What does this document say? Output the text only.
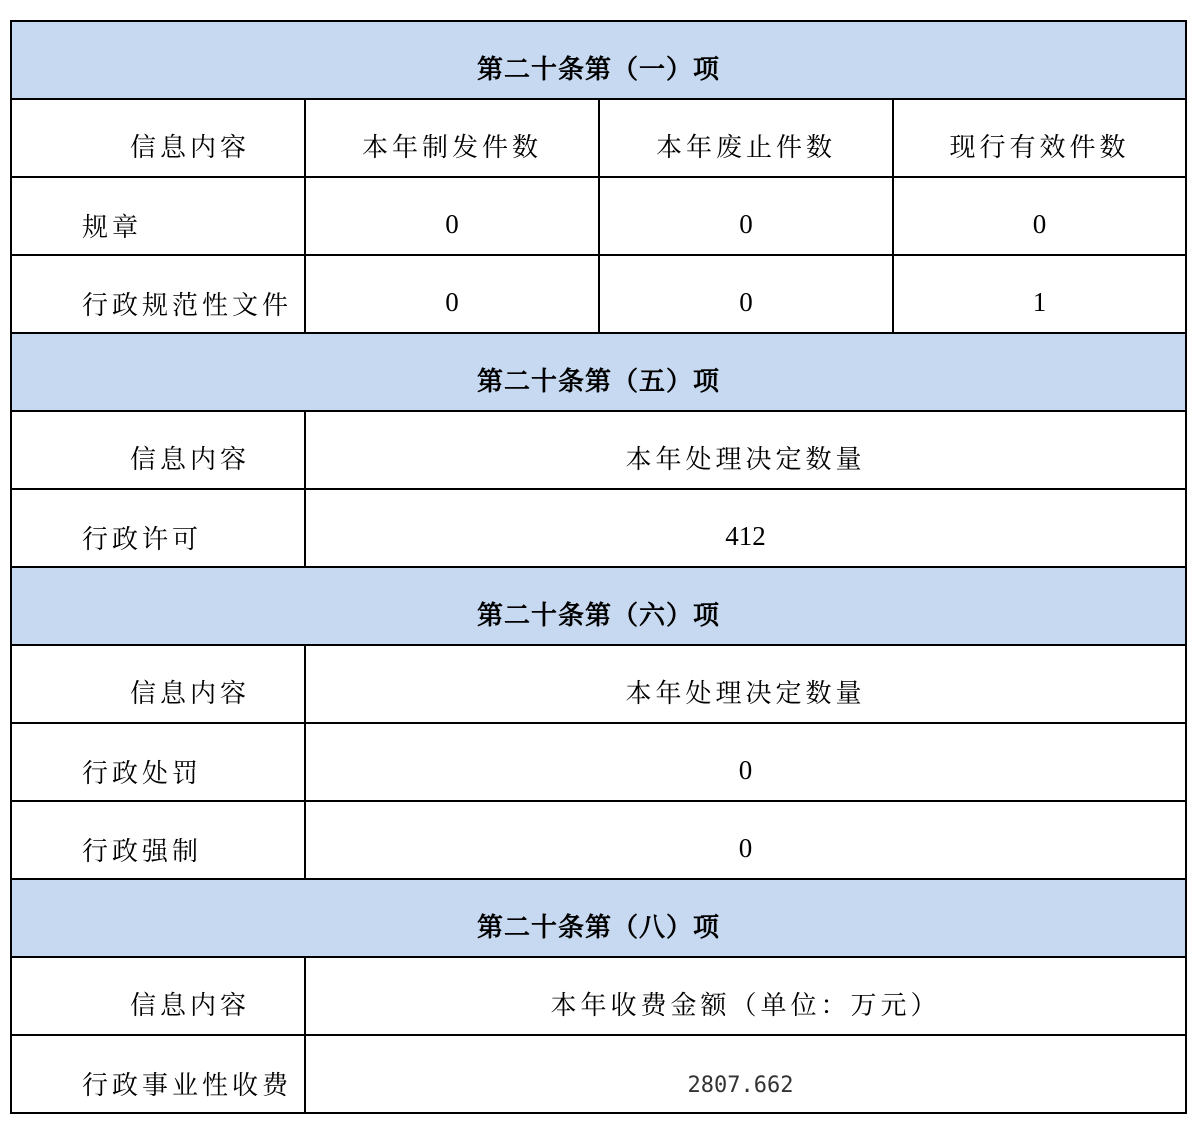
第二十条第（一）项			
信息内容	本年制发件数	本年废止件数	现行有效件数
规章	0	0	0
行政规范性文件	0	0	1
第二十条第（五）项			
信息内容	本年处理决定数量		
行政许可	412		
第二十条第（六）项			
信息内容	本年处理决定数量		
行政处罚	0		
行政强制	0		
第二十条第（八）项			
信息内容	本年收费金额（单位：万元）		
行政事业性收费	2807.662		
